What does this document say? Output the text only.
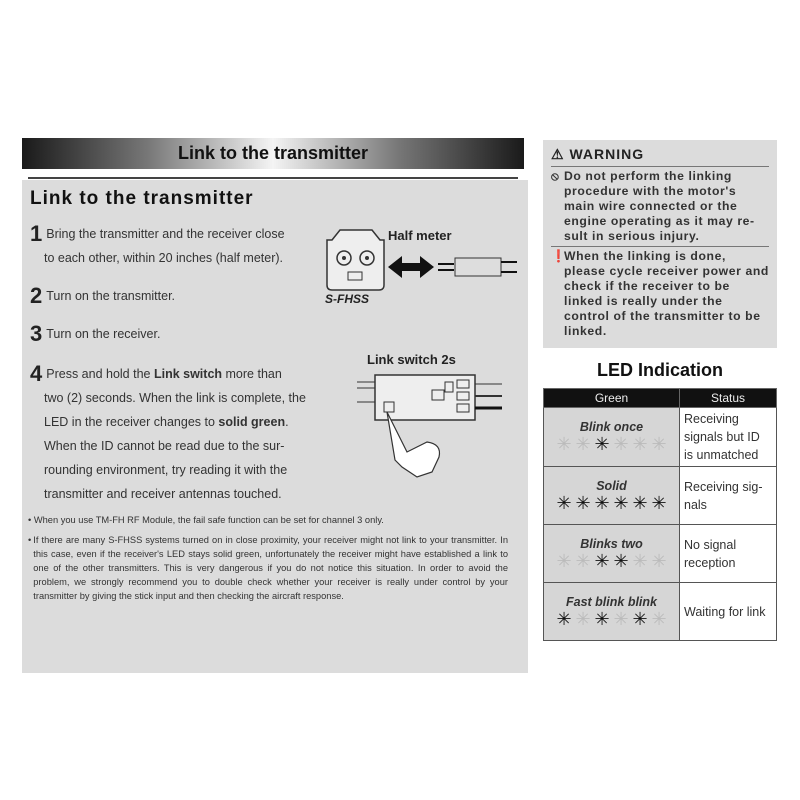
Link to the transmitter
Link to the transmitter
1 Bring the transmitter and the receiver close
to each other, within 20 inches (half meter).
2 Turn on the transmitter.
3 Turn on the receiver.
4 Press and hold the Link switch more than
two (2) seconds. When the link is complete, the
LED in the receiver changes to solid green.
When the ID cannot be read due to the sur-
rounding environment, try reading it with the
transmitter and receiver antennas touched.
Half meter
S-FHSS
Link switch 2s
• When you use TM-FH RF Module, the fail safe function can be set for channel 3 only.
• If there are many S-FHSS systems turned on in close proximity, your receiver might not link to your transmitter. In this case, even if the receiver's LED stays solid green, unfortunately the receiver might have established a link to one of the other transmitters. This is very dangerous if you do not notice this situation. In order to avoid the problem, we strongly recommend you to double check whether your receiver is really under control by your transmitter by giving the stick input and then checking the aircraft response.
⚠ WARNING
⦸ Do not perform the linking procedure with the motor's main wire connected or the engine operating as it may re-sult in serious injury.
❗
When the linking is done, please cycle receiver power and check if the receiver to be linked is really under the control of the transmitter to be linked.
LED Indication
Green	Status

Blink once
✳ ✳ ✳ ✳ ✳ ✳	Receiving signals but ID is unmatched

Solid
✳ ✳ ✳ ✳ ✳ ✳	Receiving sig-nals

Blinks two
✳ ✳ ✳ ✳ ✳ ✳	No signal reception

Fast blink blink
✳ ✳ ✳ ✳ ✳ ✳	Waiting for link
